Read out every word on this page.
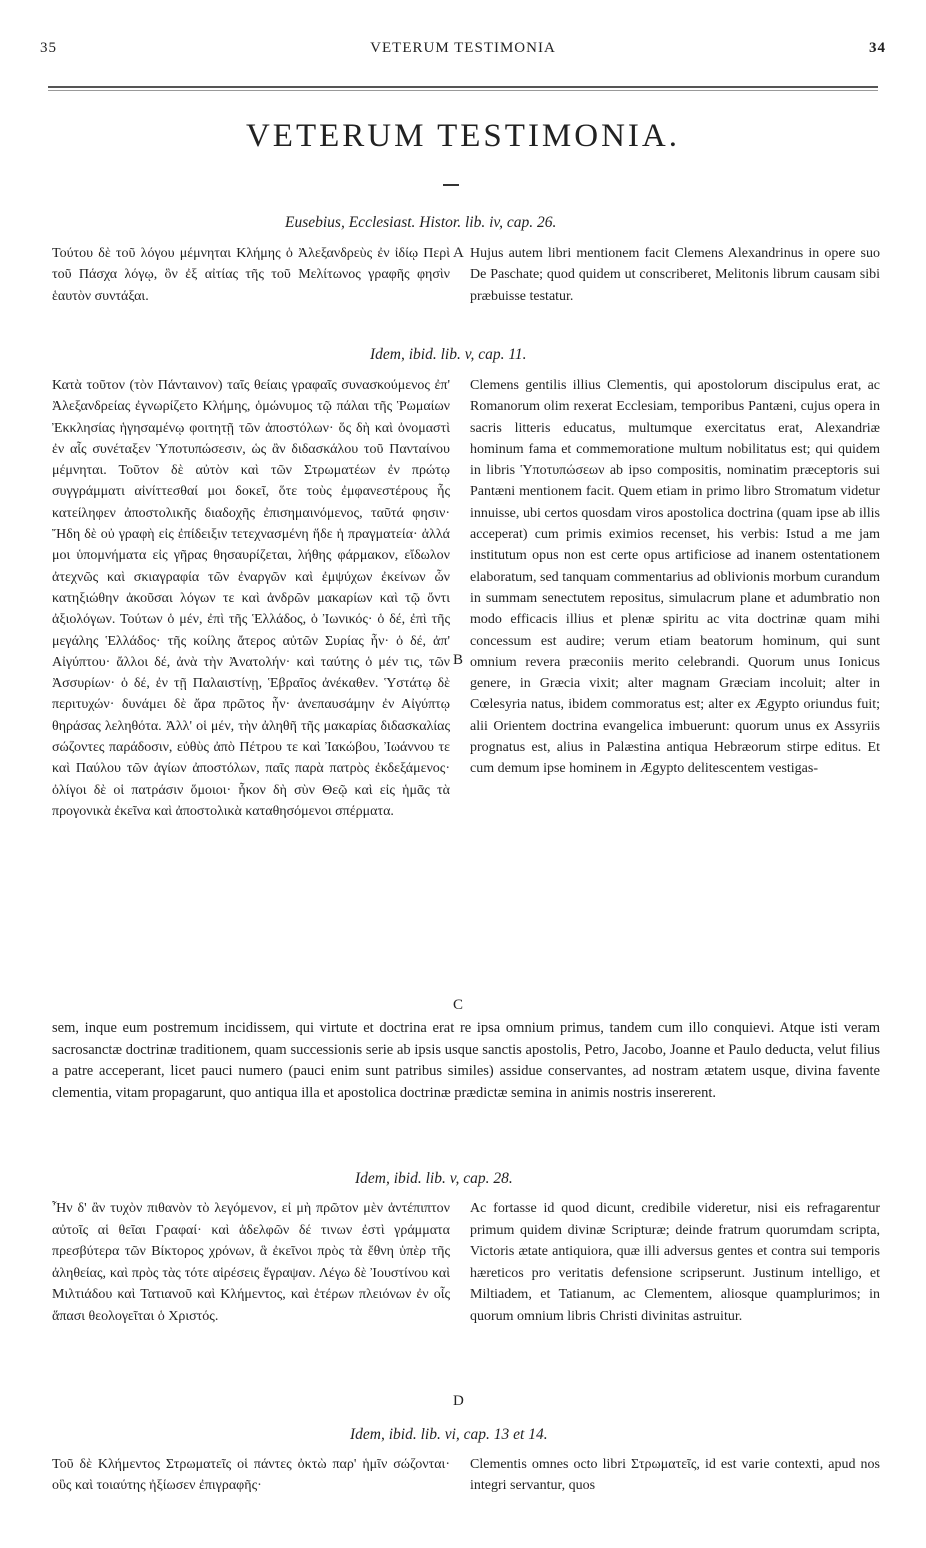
35	VETERUM TESTIMONIA	34
VETERUM TESTIMONIA.
Eusebius, Ecclesiast. Histor. lib. iv, cap. 26.
Τούτου δὲ τοῦ λόγου μέμνηται Κλήμης ὁ Ἀλεξανδρεὺς ἐν ἰδίῳ Περὶ τοῦ Πάσχα λόγῳ, ὃν ἐξ αἰτίας τῆς τοῦ Μελίτωνος γραφῆς φησὶν ἑαυτὸν συντάξαι.
Hujus autem libri mentionem facit Clemens Alexandrinus in opere suo De Paschate; quod quidem ut conscriberet, Melitonis librum causam sibi præbuisse testatur.
A
Idem, ibid. lib. v, cap. 11.
Κατὰ τοῦτον (τὸν Πάνταινον) ταῖς θείαις γραφαῖς συνασκούμενος ἐπ' Ἀλεξανδρείας ἐγνωρίζετο Κλήμης, ὁμώνυμος τῷ πάλαι τῆς Ῥωμαίων Ἐκκλησίας ἡγησαμένῳ φοιτητῇ τῶν ἀποστόλων· ὅς δὴ καὶ ὀνομαστὶ ἐν αἷς συνέταξεν Ὑποτυπώσεσιν, ὡς ἂν διδασκάλου τοῦ Πανταίνου μέμνηται. Τοῦτον δὲ αὐτὸν καὶ τῶν Στρωματέων ἐν πρώτῳ συγγράμματι αἰνίττεσθαί μοι δοκεῖ, ὅτε τοὺς ἐμφανεστέρους ἧς κατείληφεν ἀποστολικῆς διαδοχῆς ἐπισημαινόμενος, ταῦτά φησιν· Ἤδη δὲ οὐ γραφὴ εἰς ἐπίδειξιν τετεχνασμένη ἥδε ἡ πραγματεία· ἀλλά μοι ὑπομνήματα εἰς γῆρας θησαυρίζεται, λήθης φάρμακον, εἴδωλον ἀτεχνῶς καὶ σκιαγραφία τῶν ἐναργῶν καὶ ἐμψύχων ἐκείνων ὧν κατηξιώθην ἀκοῦσαι λόγων τε καὶ ἀνδρῶν μακαρίων καὶ τῷ ὄντι ἀξιολόγων. Τούτων ὁ μέν, ἐπὶ τῆς Ἑλλάδος, ὁ Ἰωνικός· ὁ δέ, ἐπὶ τῆς μεγάλης Ἑλλάδος· τῆς κοίλης ἄτερος αὐτῶν Συρίας ἦν· ὁ δέ, ἀπ' Αἰγύπτου· ἄλλοι δέ, ἀνὰ τὴν Ἀνατολήν· καὶ ταύτης ὁ μέν τις, τῶν Ἀσσυρίων· ὁ δέ, ἐν τῇ Παλαιστίνῃ, Ἑβραῖος ἀνέκαθεν. Ὑστάτῳ δὲ περιτυχών· δυνάμει δὲ ἄρα πρῶτος ἦν· ἀνεπαυσάμην ἐν Αἰγύπτῳ θηράσας λεληθότα. Ἀλλ' οἱ μέν, τὴν ἀληθῆ τῆς μακαρίας διδασκαλίας σώζοντες παράδοσιν, εὐθὺς ἀπὸ Πέτρου τε καὶ Ἰακώβου, Ἰωάννου τε καὶ Παύλου τῶν ἁγίων ἀποστόλων, παῖς παρὰ πατρὸς ἐκδεξάμενος· ὀλίγοι δὲ οἱ πατράσιν ὅμοιοι· ἧκον δὴ σὺν Θεῷ καὶ εἰς ἡμᾶς τὰ προγονικὰ ἐκεῖνα καὶ ἀποστολικὰ καταθησόμενοι σπέρματα.
Clemens gentilis illius Clementis, qui apostolorum discipulus erat, ac Romanorum olim rexerat Ecclesiam, temporibus Pantæni, cujus opera in sacris litteris educatus, multumque exercitatus erat, Alexandriæ hominum fama et commemoratione multum nobilitatus est; qui quidem in libris Ὑποτυπώσεων ab ipso compositis, nominatim præceptoris sui Pantæni mentionem facit. Quem etiam in primo libro Stromatum videtur innuisse, ubi certos quosdam viros apostolica doctrina (quam ipse ab illis acceperat) cum primis eximios recenset, his verbis: Istud a me jam institutum opus non est certe opus artificiose ad inanem ostentationem elaboratum, sed tanquam commentarius ad oblivionis morbum curandum in summam senectutem repositus, simulacrum plane et adumbratio non modo efficacis illius et plenæ spiritu ac vita doctrinæ quam mihi concessum est audire; verum etiam beatorum hominum, qui sunt omnium revera præconiis merito celebrandi. Quorum unus Ionicus genere, in Græcia vixit; alter magnam Græciam incoluit; alter in Cœlesyria natus, ibidem commoratus est; alter ex Ægypto oriundus fuit; alii Orientem doctrina evangelica imbuerunt: quorum unus ex Assyriis prognatus est, alius in Palæstina antiqua Hebræorum stirpe editus. Et cum demum ipse hominem in Ægypto delitescentem vestigas-
B
C
sem, inque eum postremum incidissem, qui virtute et doctrina erat re ipsa omnium primus, tandem cum illo conquievi. Atque isti veram sacrosanctæ doctrinæ traditionem, quam successionis serie ab ipsis usque sanctis apostolis, Petro, Jacobo, Joanne et Paulo deducta, velut filius a patre acceperant, licet pauci numero (pauci enim sunt patribus similes) assidue conservantes, ad nostram ætatem usque, divina favente clementia, vitam propagarunt, quo antiqua illa et apostolica doctrinæ prædictæ semina in animis nostris insererent.
Idem, ibid. lib. v, cap. 28.
Ἦν δ' ἂν τυχὸν πιθανὸν τὸ λεγόμενον, εἰ μὴ πρῶτον μὲν ἀντέπιπτον αὐτοῖς αἱ θεῖαι Γραφαί· καὶ ἀδελφῶν δέ τινων ἐστὶ γράμματα πρεσβύτερα τῶν Βίκτορος χρόνων, ἃ ἐκεῖνοι πρὸς τὰ ἔθνη ὑπὲρ τῆς ἀληθείας, καὶ πρὸς τὰς τότε αἱρέσεις ἔγραψαν. Λέγω δὲ Ἰουστίνου καὶ Μιλτιάδου καὶ Τατιανοῦ καὶ Κλήμεντος, καὶ ἑτέρων πλειόνων ἐν οἷς ἅπασι θεολογεῖται ὁ Χριστός.
Ac fortasse id quod dicunt, credibile videretur, nisi eis refragarentur primum quidem divinæ Scripturæ; deinde fratrum quorumdam scripta, Victoris ætate antiquiora, quæ illi adversus gentes et contra sui temporis hæreticos pro veritatis defensione scripserunt. Justinum intelligo, et Miltiadem, et Tatianum, ac Clementem, aliosque quamplurimos; in quorum omnium libris Christi divinitas astruitur.
D
Idem, ibid. lib. vi, cap. 13 et 14.
Τοῦ δὲ Κλήμεντος Στρωματεῖς οἱ πάντες ὀκτὼ παρ' ἡμῖν σώζονται· οὓς καὶ τοιαύτης ἠξίωσεν ἐπιγραφῆς·
Clementis omnes octo libri Στρωματεῖς, id est varie contexti, apud nos integri servantur, quos
